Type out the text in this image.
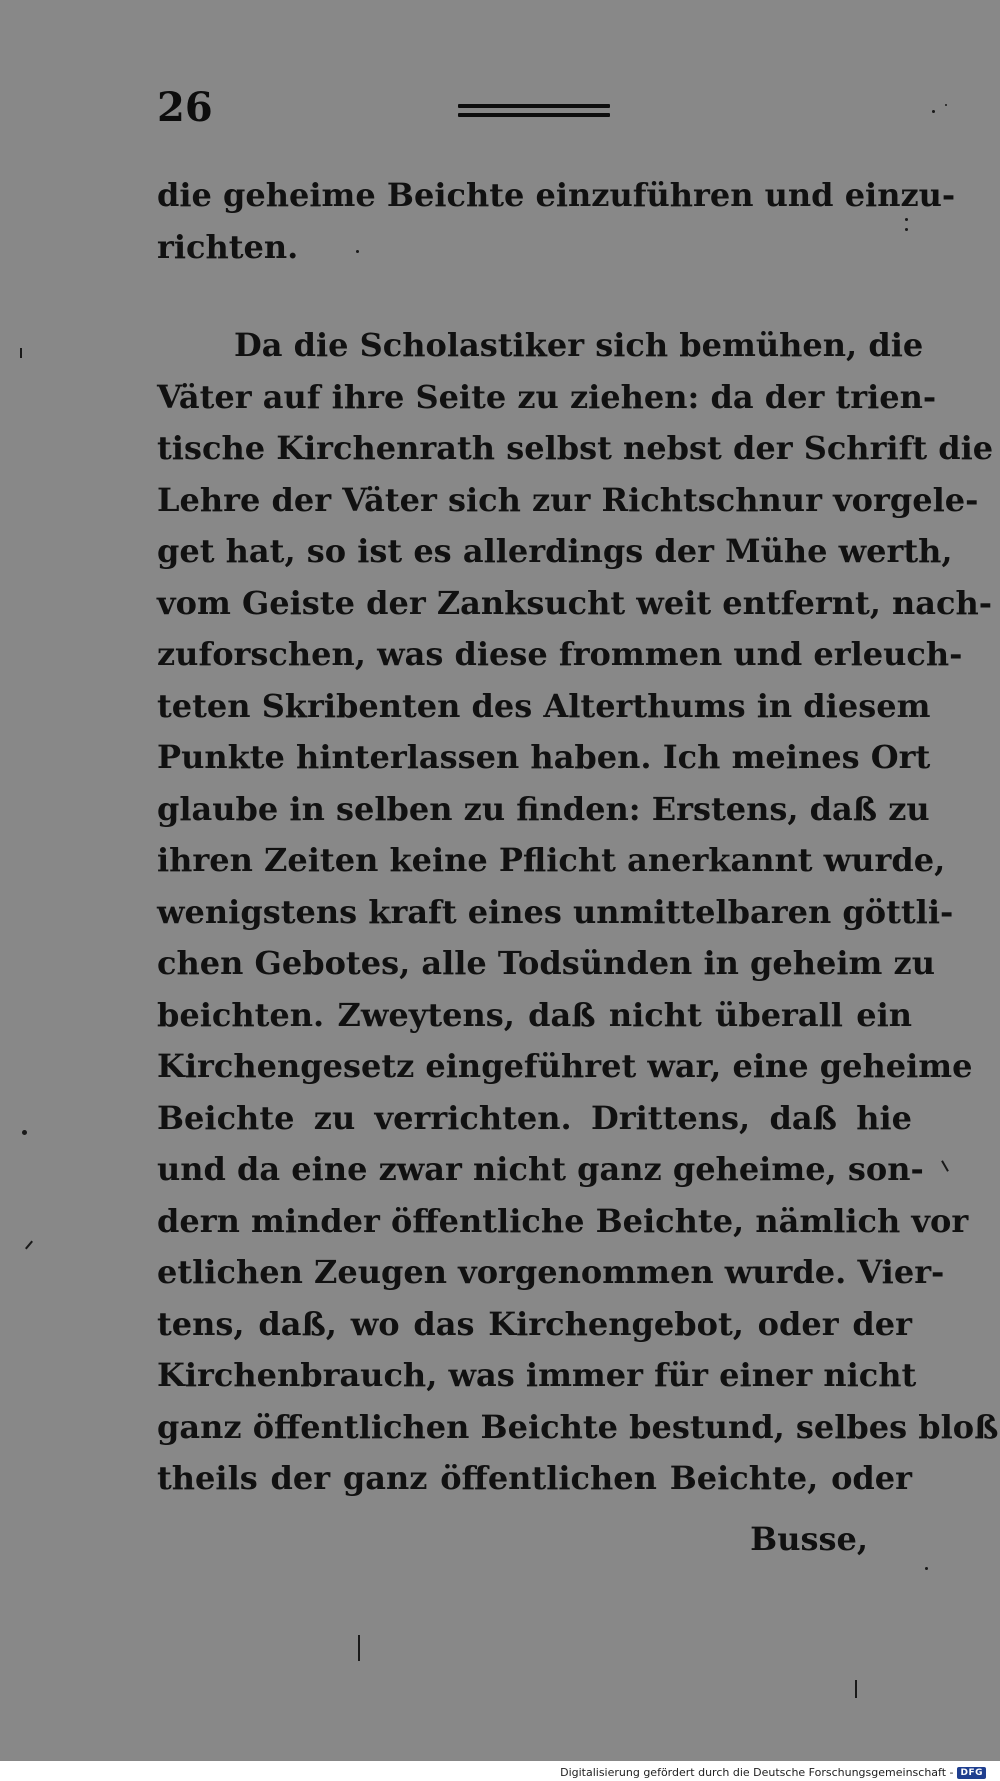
26
die geheime Beichte einzuführen und einzu-
richten.
Da die Scholastiker sich bemühen, die
Väter auf ihre Seite zu ziehen: da der trien-
tische Kirchenrath selbst nebst der Schrift die
Lehre der Väter sich zur Richtschnur vorgele-
get hat, so ist es allerdings der Mühe werth,
vom Geiste der Zanksucht weit entfernt, nach-
zuforschen, was diese frommen und erleuch-
teten Skribenten des Alterthums in diesem
Punkte hinterlassen haben. Ich meines Ort
glaube in selben zu finden: Erstens, daß zu
ihren Zeiten keine Pflicht anerkannt wurde,
wenigstens kraft eines unmittelbaren göttli-
chen Gebotes, alle Todsünden in geheim zu
beichten. Zweytens, daß nicht überall ein
Kirchengesetz eingeführet war, eine geheime
Beichte zu verrichten. Drittens, daß hie
und da eine zwar nicht ganz geheime, son-
dern minder öffentliche Beichte, nämlich vor
etlichen Zeugen vorgenommen wurde. Vier-
tens, daß, wo das Kirchengebot, oder der
Kirchenbrauch, was immer für einer nicht
ganz öffentlichen Beichte bestund, selbes bloß
theils der ganz öffentlichen Beichte, oder
Busse,
Digitalisierung gefördert durch die Deutsche Forschungsgemeinschaft - DFG
